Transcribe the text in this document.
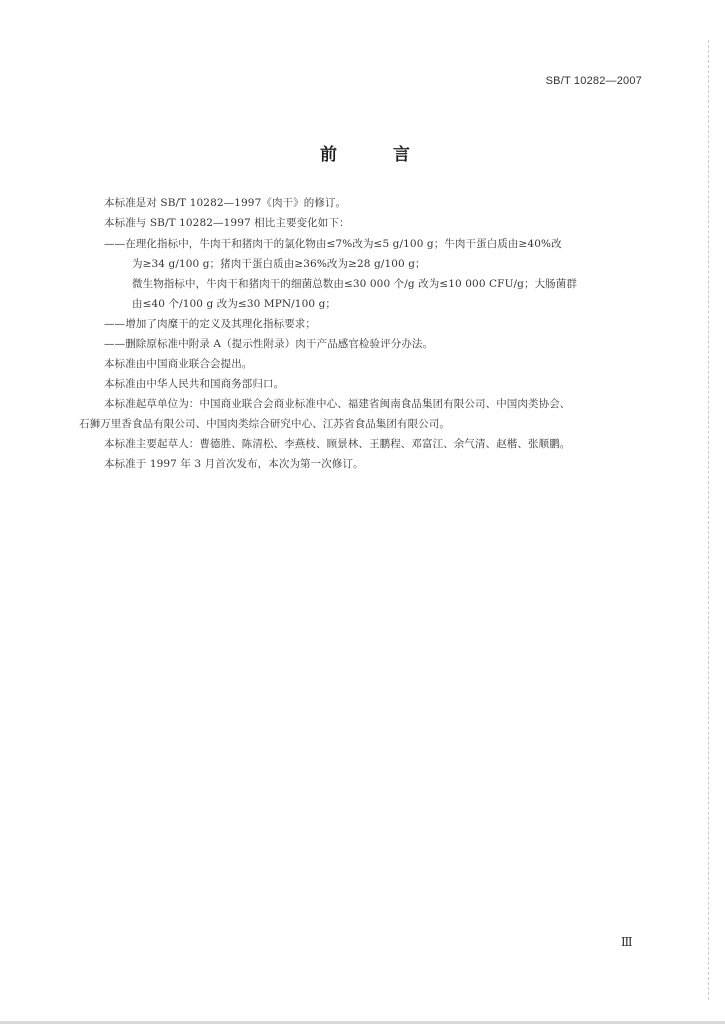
SB/T 10282—2007
前	言
本标准是对 SB/T 10282—1997《肉干》的修订。
本标准与 SB/T 10282—1997 相比主要变化如下：
——在理化指标中，牛肉干和猪肉干的氯化物由≤7%改为≤5 g/100 g；牛肉干蛋白质由≥40%改
为≥34 g/100 g；猪肉干蛋白质由≥36%改为≥28 g/100 g；
微生物指标中，牛肉干和猪肉干的细菌总数由≤30 000 个/g 改为≤10 000 CFU/g；大肠菌群
由≤40 个/100 g 改为≤30 MPN/100 g；
——增加了肉糜干的定义及其理化指标要求；
——删除原标准中附录 A（提示性附录）肉干产品感官检验评分办法。
本标准由中国商业联合会提出。
本标准由中华人民共和国商务部归口。
本标准起草单位为：中国商业联合会商业标准中心、福建省闽南食品集团有限公司、中国肉类协会、
石狮万里香食品有限公司、中国肉类综合研究中心、江苏省食品集团有限公司。
本标准主要起草人：曹德胜、陈清松、李燕枝、顾景林、王鹏程、邓富江、余气清、赵楷、张顺鹏。
本标准于 1997 年 3 月首次发布，本次为第一次修订。
Ⅲ
